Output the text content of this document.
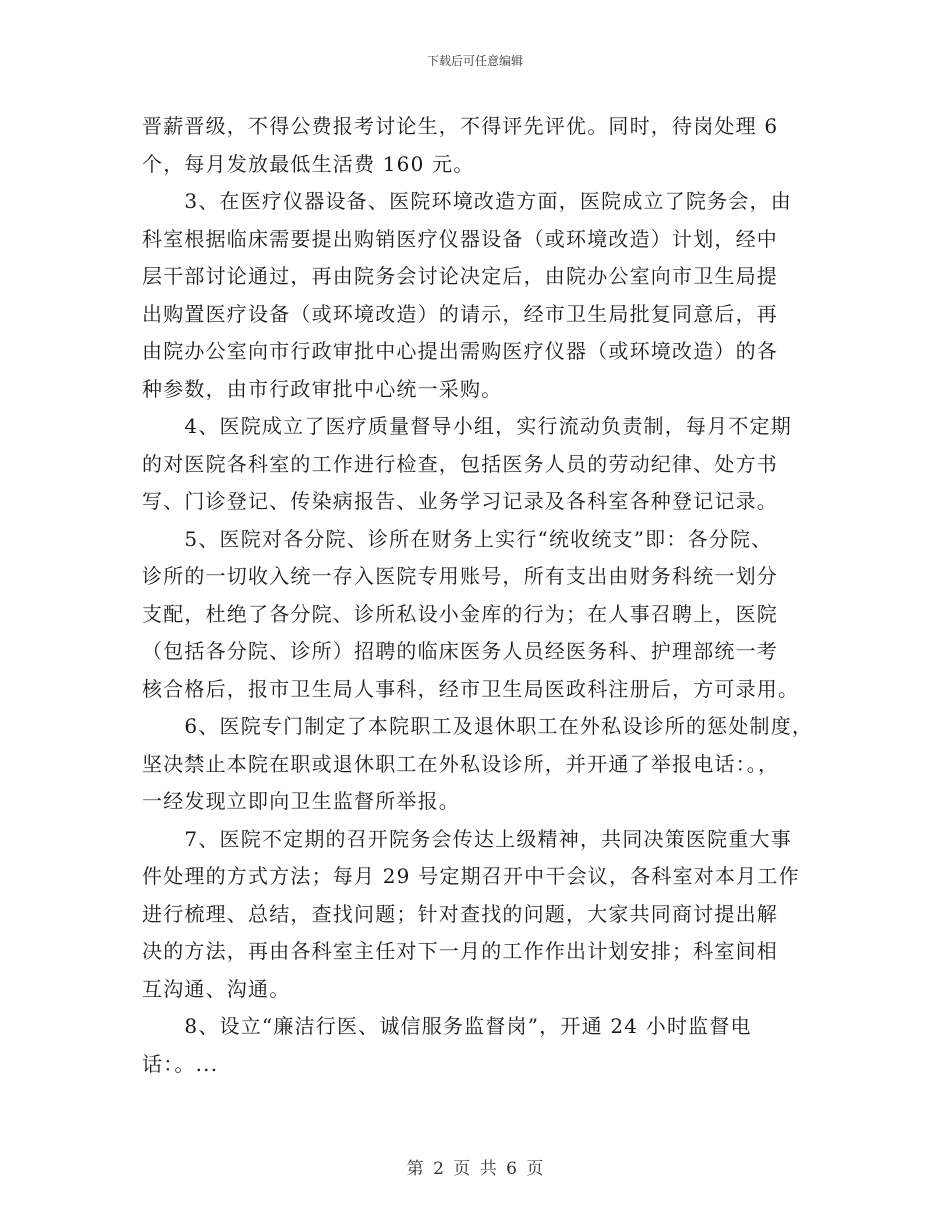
下载后可任意编辑
晋薪晋级，不得公费报考讨论生，不得评先评优。同时，待岗处理 6
个，每月发放最低生活费 160 元。
　　3、在医疗仪器设备、医院环境改造方面，医院成立了院务会，由
科室根据临床需要提出购销医疗仪器设备（或环境改造）计划，经中
层干部讨论通过，再由院务会讨论决定后，由院办公室向市卫生局提
出购置医疗设备（或环境改造）的请示，经市卫生局批复同意后，再
由院办公室向市行政审批中心提出需购医疗仪器（或环境改造）的各
种参数，由市行政审批中心统一采购。
　　4、医院成立了医疗质量督导小组，实行流动负责制，每月不定期
的对医院各科室的工作进行检查，包括医务人员的劳动纪律、处方书
写、门诊登记、传染病报告、业务学习记录及各科室各种登记记录。
　　5、医院对各分院、诊所在财务上实行“统收统支”即：各分院、
诊所的一切收入统一存入医院专用账号，所有支出由财务科统一划分
支配，杜绝了各分院、诊所私设小金库的行为；在人事召聘上，医院
（包括各分院、诊所）招聘的临床医务人员经医务科、护理部统一考
核合格后，报市卫生局人事科，经市卫生局医政科注册后，方可录用。
　　6、医院专门制定了本院职工及退休职工在外私设诊所的惩处制度，
坚决禁止本院在职或退休职工在外私设诊所，并开通了举报电话：。，
一经发现立即向卫生监督所举报。
　　7、医院不定期的召开院务会传达上级精神，共同决策医院重大事
件处理的方式方法；每月 29 号定期召开中干会议，各科室对本月工作
进行梳理、总结，查找问题；针对查找的问题，大家共同商讨提出解
决的方法，再由各科室主任对下一月的工作作出计划安排；科室间相
互沟通、沟通。
　　8、设立“廉洁行医、诚信服务监督岗”，开通 24 小时监督电
话：。...
第 2 页 共 6 页
